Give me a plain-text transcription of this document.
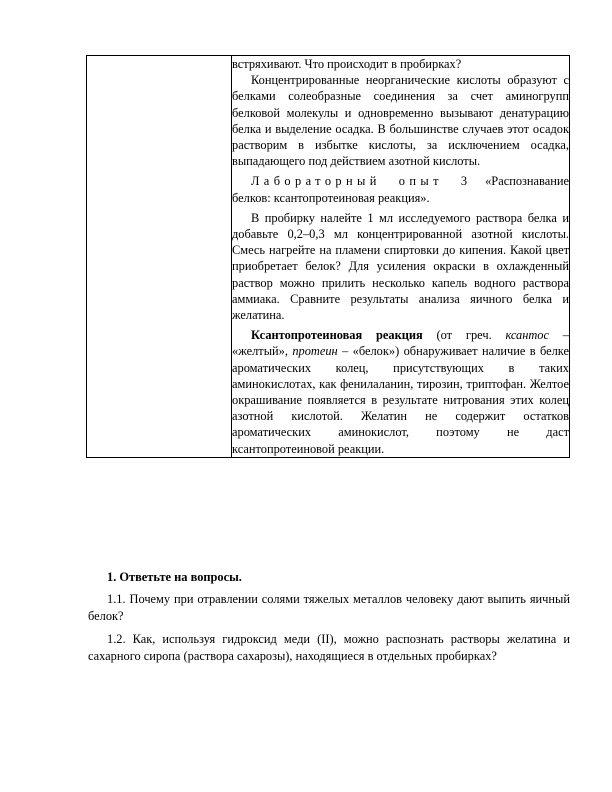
встряхивают. Что происходит в пробирках?

Концентрированные неорганические кислоты образуют с белками солеобразные соединения за счет аминогрупп белковой молекулы и одновременно вызывают денатурацию белка и выделение осадка. В большинстве случаев этот осадок растворим в избытке кислоты, за исключением осадка, выпадающего под действием азотной кислоты.

Лабораторный опыт 3 «Распознавание белков: ксантопротеиновая реакция».

В пробирку налейте 1 мл исследуемого раствора белка и добавьте 0,2–0,3 мл концентрированной азотной кислоты. Смесь нагрейте на пламени спиртовки до кипения. Какой цвет приобретает белок? Для усиления окраски в охлажденный раствор можно прилить несколько капель водного раствора аммиака. Сравните результаты анализа яичного белка и желатина.

Ксантопротеиновая реакция (от греч. ксантос – «желтый», протеин – «белок») обнаруживает наличие в белке ароматических колец, присутствующих в таких аминокислотах, как фенилаланин, тирозин, триптофан. Желтое окрашивание появляется в результате нитрования этих колец азотной кислотой. Желатин не содержит остатков ароматических аминокислот, поэтому не даст ксантопротеиновой реакции.

1. Ответьте на вопросы.

1.1. Почему при отравлении солями тяжелых металлов человеку дают выпить яичный белок?

1.2. Как, используя гидроксид меди (II), можно распознать растворы желатина и сахарного сиропа (раствора сахарозы), находящиеся в отдельных пробирках?
